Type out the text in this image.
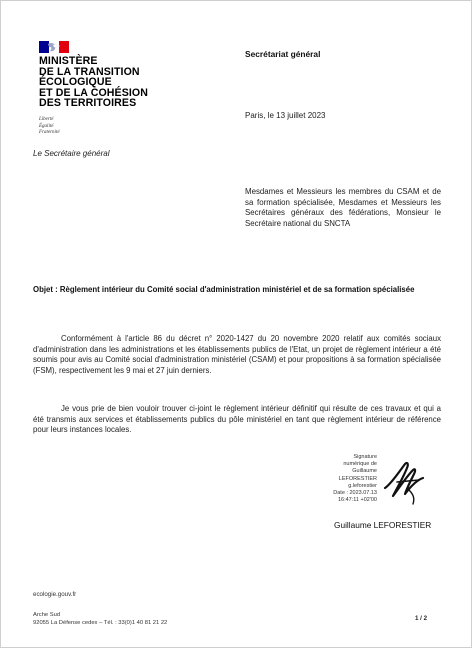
MINISTÈRE
DE LA TRANSITION
ÉCOLOGIQUE
ET DE LA COHÉSION
DES TERRITOIRES
Liberté
Égalité
Fraternité
Le Secrétaire général
Secrétariat général
Paris, le 13 juillet 2023
Mesdames et Messieurs les membres du CSAM et de sa formation spécialisée, Mesdames et Messieurs les Secrétaires généraux des fédérations, Monsieur le Secrétaire national du SNCTA
Objet : Règlement intérieur du Comité social d'administration ministériel et de sa formation spécialisée

Conformément à l'article 86 du décret n° 2020-1427 du 20 novembre 2020 relatif aux comités sociaux d'administration dans les administrations et les établissements publics de l'Etat, un projet de règlement intérieur a été soumis pour avis au Comité social d'administration ministériel (CSAM) et pour propositions à sa formation spécialisée (FSM), respectivement les 9 mai et 27 juin derniers.

Je vous prie de bien vouloir trouver ci-joint le règlement intérieur définitif qui résulte de ces travaux et qui a été transmis aux services et établissements publics du pôle ministériel en tant que règlement intérieur de référence pour leurs instances locales.

Signature
numérique de
Guillaume
LEFORESTIER
g.leforestier
Date : 2023.07.13
16:47:11 +02'00
Guillaume LEFORESTIER
ecologie.gouv.fr
Arche Sud
92055 La Défense cedex – Tél. : 33(0)1 40 81 21 22
1 / 2
